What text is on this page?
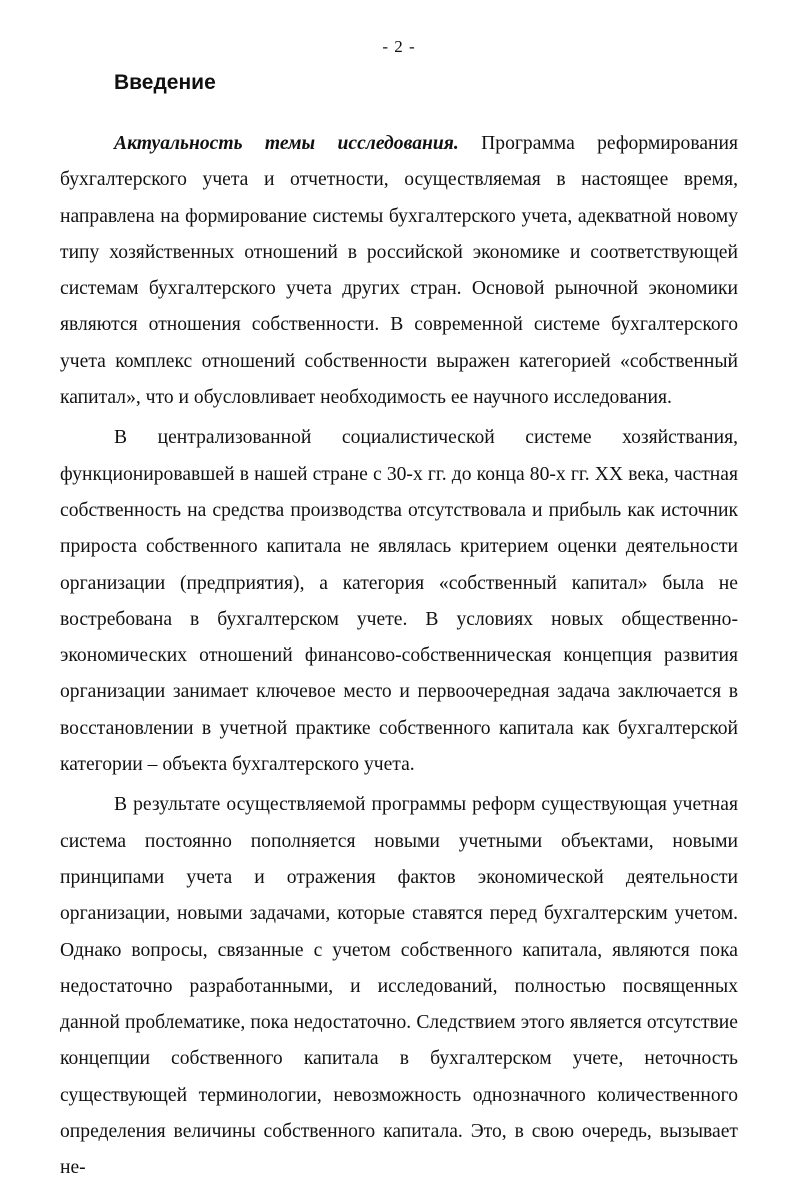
- 2 -
Введение

Актуальность темы исследования. Программа реформирования бухгалтерского учета и отчетности, осуществляемая в настоящее время, направлена на формирование системы бухгалтерского учета, адекватной новому типу хозяйственных отношений в российской экономике и соответствующей системам бухгалтерского учета других стран. Основой рыночной экономики являются отношения собственности. В современной системе бухгалтерского учета комплекс отношений собственности выражен категорией «собственный капитал», что и обусловливает необходимость ее научного исследования.

В централизованной социалистической системе хозяйствания, функционировавшей в нашей стране с 30-х гг. до конца 80-х гг. XX века, частная собственность на средства производства отсутствовала и прибыль как источник прироста собственного капитала не являлась критерием оценки деятельности организации (предприятия), а категория «собственный капитал» была не востребована в бухгалтерском учете. В условиях новых общественно-экономических отношений финансово-собственническая концепция развития организации занимает ключевое место и первоочередная задача заключается в восстановлении в учетной практике собственного капитала как бухгалтерской категории – объекта бухгалтерского учета.

В результате осуществляемой программы реформ существующая учетная система постоянно пополняется новыми учетными объектами, новыми принципами учета и отражения фактов экономической деятельности организации, новыми задачами, которые ставятся перед бухгалтерским учетом. Однако вопросы, связанные с учетом собственного капитала, являются пока недостаточно разработанными, и исследований, полностью посвященных данной проблематике, пока недостаточно. Следствием этого является отсутствие концепции собственного капитала в бухгалтерском учете, неточность существующей терминологии, невозможность однозначного количественного определения величины собственного капитала. Это, в свою очередь, вызывает не-
